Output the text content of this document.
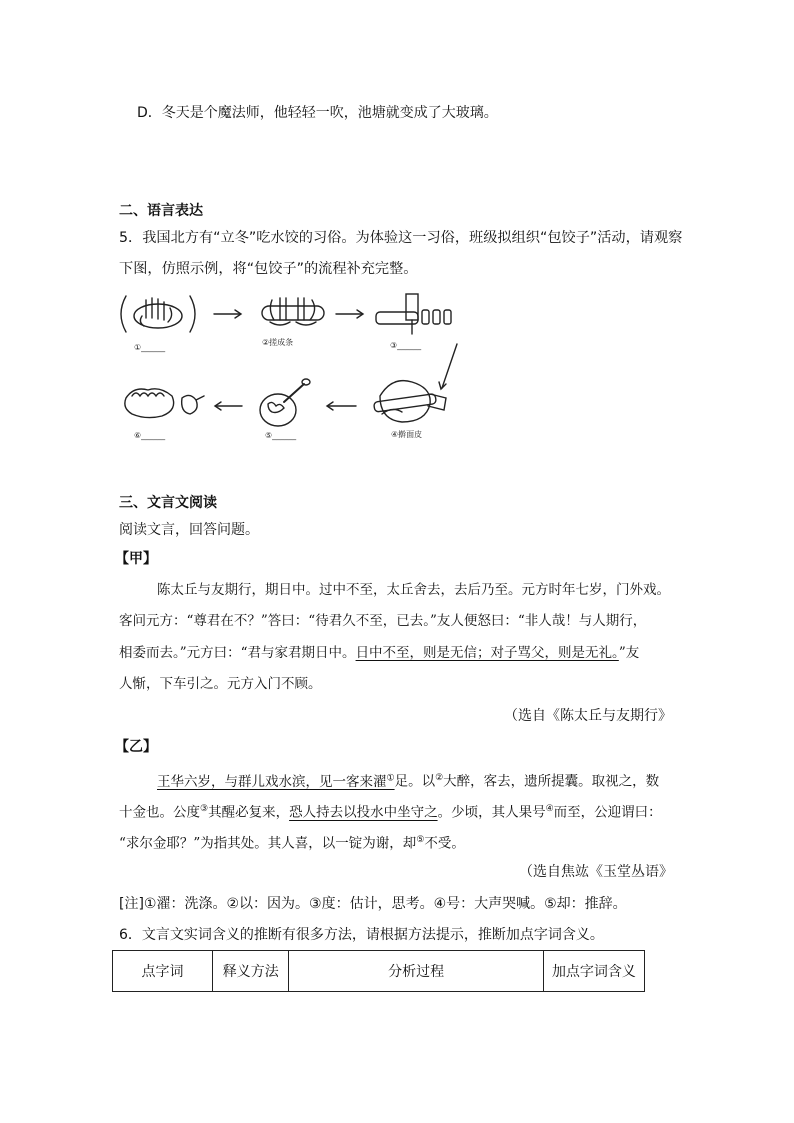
D．冬天是个魔法师，他轻轻一吹，池塘就变成了大玻璃。
二、语言表达
5．我国北方有“立冬”吃水饺的习俗。为体验这一习俗，班级拟组织“包饺子”活动，请观察
下图，仿照示例，将“包饺子”的流程补充完整。
①______
②搓成条	③______
④擀面皮
⑤______
⑥______
三、文言文阅读
阅读文言，回答问题。
【甲】
陈太丘与友期行，期日中。过中不至，太丘舍去，去后乃至。元方时年七岁，门外戏。
客问元方：“尊君在不？”答曰：“待君久不至，已去。”友人便怒曰：“非人哉！与人期行，
相委而去。”元方曰：“君与家君期日中。日中不至，则是无信；对子骂父，则是无礼。”友
人惭，下车引之。元方入门不顾。
（选自《陈太丘与友期行》
【乙】
王华六岁，与群儿戏水滨，见一客来濯①足。以②大醉，客去，遗所提囊。取视之，数
十金也。公度③其醒必复来，恐人持去以投水中坐守之。少顷，其人果号④而至，公迎谓曰：
“求尔金耶？”为指其处。其人喜，以一锭为谢，却⑤不受。
（选自焦竑《玉堂丛语》
[注]①濯：洗涤。②以：因为。③度：估计，思考。④号：大声哭喊。⑤却：推辞。
6．文言文实词含义的推断有很多方法，请根据方法提示，推断加点字词含义。
点字词	释义方法	分析过程	加点字词含义
